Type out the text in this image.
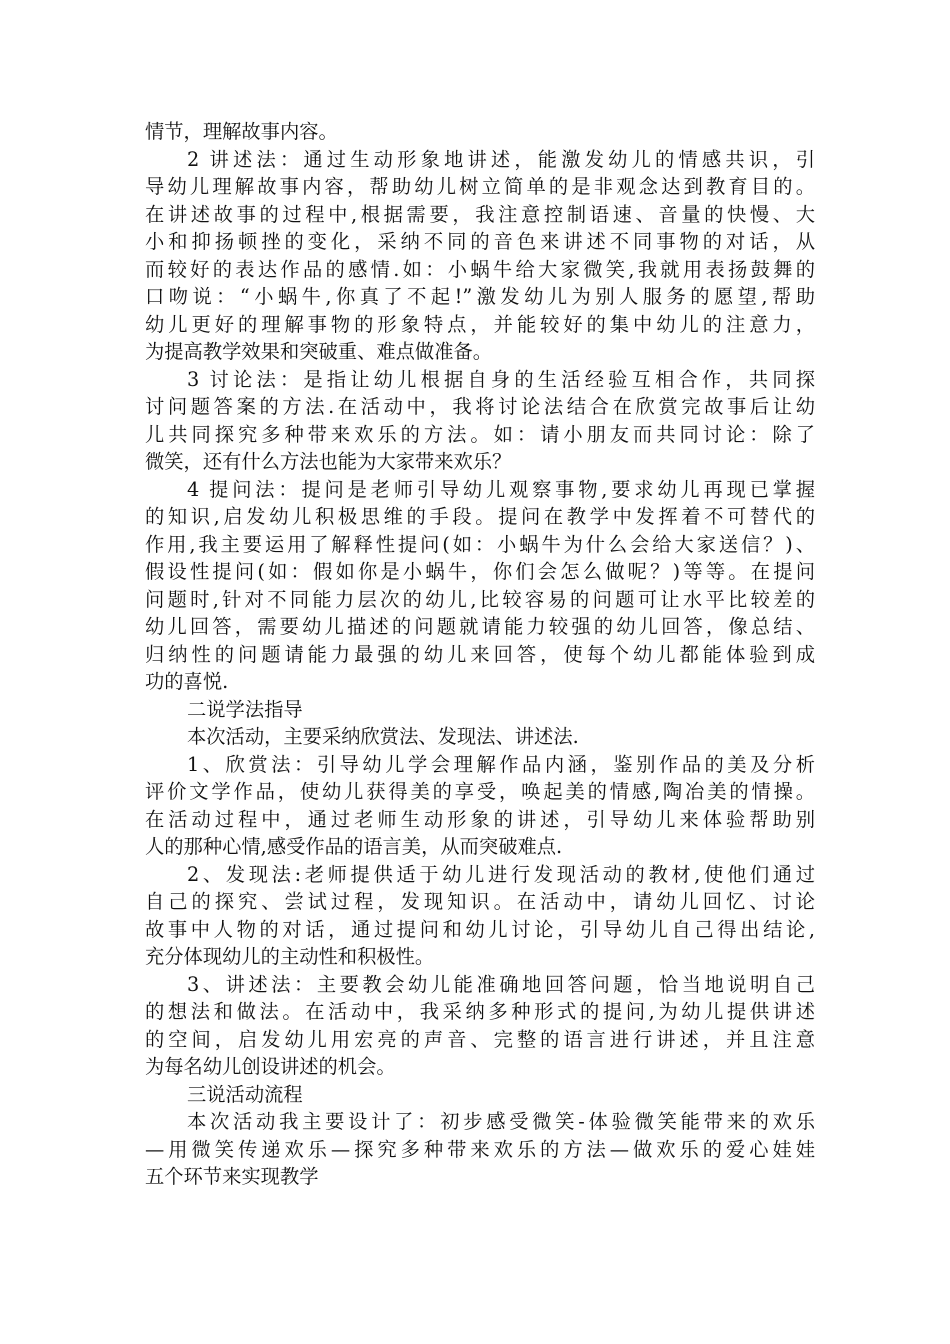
情节，理解故事内容。
2 讲述法：通过生动形象地讲述，能激发幼儿的情感共识，引
导幼儿理解故事内容，帮助幼儿树立简单的是非观念达到教育目的。
在讲述故事的过程中,根据需要，我注意控制语速、音量的快慢、大
小和抑扬顿挫的变化，采纳不同的音色来讲述不同事物的对话，从
而较好的表达作品的感情.如：小蜗牛给大家微笑,我就用表扬鼓舞的
口吻说：“小蜗牛,你真了不起!”激发幼儿为别人服务的愿望,帮助
幼儿更好的理解事物的形象特点，并能较好的集中幼儿的注意力，
为提高教学效果和突破重、难点做准备。
3 讨论法：是指让幼儿根据自身的生活经验互相合作，共同探
讨问题答案的方法.在活动中，我将讨论法结合在欣赏完故事后让幼
儿共同探究多种带来欢乐的方法。如：请小朋友而共同讨论：除了
微笑，还有什么方法也能为大家带来欢乐？
4 提问法：提问是老师引导幼儿观察事物,要求幼儿再现已掌握
的知识,启发幼儿积极思维的手段。提问在教学中发挥着不可替代的
作用,我主要运用了解释性提问(如：小蜗牛为什么会给大家送信？)、
假设性提问(如：假如你是小蜗牛，你们会怎么做呢？)等等。在提问
问题时,针对不同能力层次的幼儿,比较容易的问题可让水平比较差的
幼儿回答，需要幼儿描述的问题就请能力较强的幼儿回答，像总结、
归纳性的问题请能力最强的幼儿来回答，使每个幼儿都能体验到成
功的喜悦.
二说学法指导
本次活动，主要采纳欣赏法、发现法、讲述法.
1、欣赏法：引导幼儿学会理解作品内涵，鉴别作品的美及分析
评价文学作品，使幼儿获得美的享受，唤起美的情感,陶冶美的情操。
在活动过程中，通过老师生动形象的讲述，引导幼儿来体验帮助别
人的那种心情,感受作品的语言美，从而突破难点.
2、发现法:老师提供适于幼儿进行发现活动的教材,使他们通过
自己的探究、尝试过程，发现知识。在活动中，请幼儿回忆、讨论
故事中人物的对话，通过提问和幼儿讨论，引导幼儿自己得出结论,
充分体现幼儿的主动性和积极性。
3、讲述法：主要教会幼儿能准确地回答问题，恰当地说明自己
的想法和做法。在活动中，我采纳多种形式的提问,为幼儿提供讲述
的空间，启发幼儿用宏亮的声音、完整的语言进行讲述，并且注意
为每名幼儿创设讲述的机会。
三说活动流程
本次活动我主要设计了：初步感受微笑-体验微笑能带来的欢乐
—用微笑传递欢乐—探究多种带来欢乐的方法—做欢乐的爱心娃娃
五个环节来实现教学
